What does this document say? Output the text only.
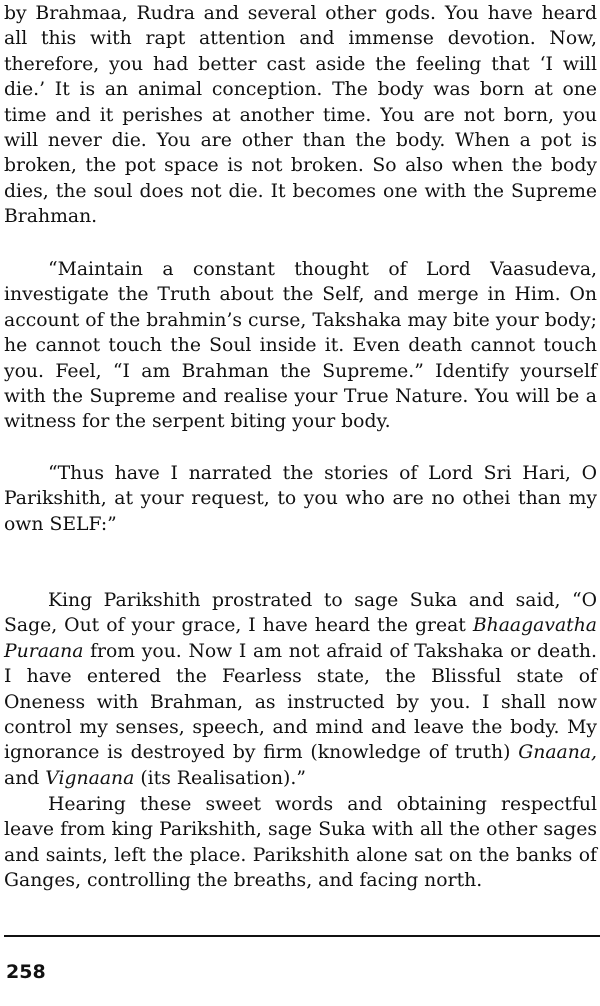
by Brahmaa, Rudra and several other gods. You have heard all this with rapt attention and immense devotion. Now, therefore, you had better cast aside the feeling that ‘I will die.’ It is an animal conception. The body was born at one time and it perishes at another time. You are not born, you will never die. You are other than the body. When a pot is broken, the pot space is not broken. So also when the body dies, the soul does not die. It becomes one with the Supreme Brahman.

“Maintain a constant thought of Lord Vaasudeva, investigate the Truth about the Self, and merge in Him. On account of the brahmin’s curse, Takshaka may bite your body; he cannot touch the Soul inside it. Even death cannot touch you. Feel, “I am Brahman the Supreme.” Identify yourself with the Supreme and realise your True Nature. You will be a witness for the serpent biting your body.

“Thus have I narrated the stories of Lord Sri Hari, O Parikshith, at your request, to you who are no othei than my own SELF:”

King Parikshith prostrated to sage Suka and said, “O Sage, Out of your grace, I have heard the great Bhaagavatha Puraana from you. Now I am not afraid of Takshaka or death. I have entered the Fearless state, the Blissful state of Oneness with Brahman, as instructed by you. I shall now control my senses, speech, and mind and leave the body. My ignorance is destroyed by firm (knowledge of truth) Gnaana, and Vignaana (its Realisation).”

Hearing these sweet words and obtaining respectful leave from king Parikshith, sage Suka with all the other sages and saints, left the place. Parikshith alone sat on the banks of Ganges, controlling the breaths, and facing north.

258
